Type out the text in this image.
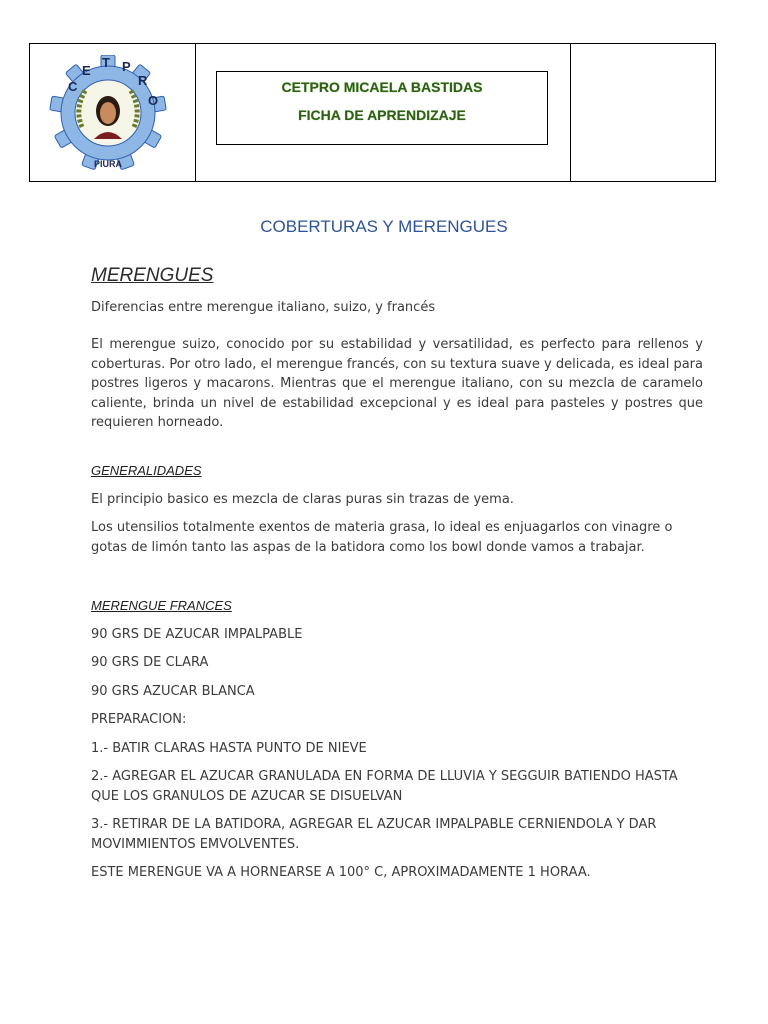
C
E
T P
R
O
PIURA
CETPRO MICAELA BASTIDAS
FICHA DE APRENDIZAJE
COBERTURAS Y MERENGUES
MERENGUES

Diferencias entre merengue italiano, suizo, y francés

El merengue suizo, conocido por su estabilidad y versatilidad, es perfecto para rellenos y coberturas. Por otro lado, el merengue francés, con su textura suave y delicada, es ideal para postres ligeros y macarons. Mientras que el merengue italiano, con su mezcla de caramelo caliente, brinda un nivel de estabilidad excepcional y es ideal para pasteles y postres que requieren horneado.

GENERALIDADES

El principio basico es mezcla de claras puras sin trazas de yema.

Los utensilios totalmente exentos de materia grasa, lo ideal es enjuagarlos con vinagre o gotas de limón tanto las aspas de la batidora como los bowl donde vamos a trabajar.

MERENGUE FRANCES

90 GRS DE AZUCAR IMPALPABLE

90 GRS DE CLARA

90 GRS AZUCAR BLANCA

PREPARACION:

1.- BATIR CLARAS HASTA PUNTO DE NIEVE

2.- AGREGAR EL AZUCAR GRANULADA EN FORMA DE LLUVIA Y SEGGUIR BATIENDO HASTA QUE LOS GRANULOS DE AZUCAR SE DISUELVAN

3.- RETIRAR DE LA BATIDORA, AGREGAR EL AZUCAR IMPALPABLE CERNIENDOLA Y DAR MOVIMMIENTOS EMVOLVENTES.

ESTE MERENGUE VA A HORNEARSE A 100° C, APROXIMADAMENTE 1 HORAA.
